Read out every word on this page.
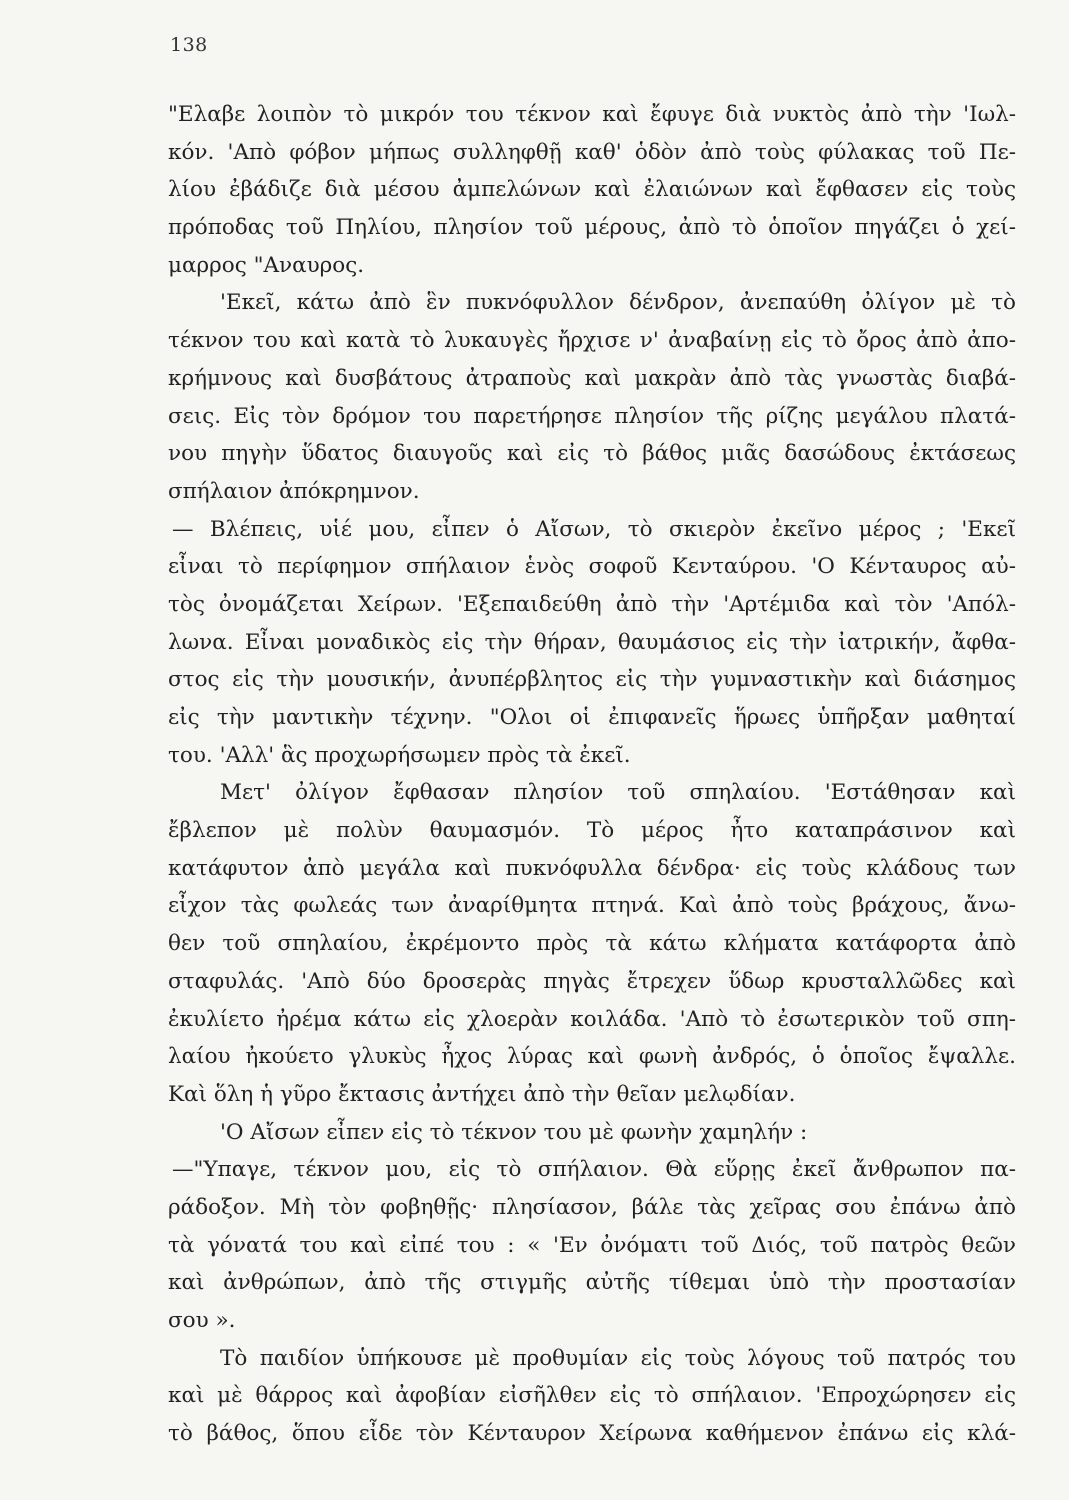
138
"Ελαβε λοιπὸν τὸ μικρόν του τέκνον καὶ ἔφυγε διὰ νυκτὸς ἀπὸ τὴν 'Ιωλ-
κόν. 'Απὸ φόβον μήπως συλληφθῇ καθ' ὁδὸν ἀπὸ τοὺς φύλακας τοῦ Πε-
λίου ἐβάδιζε διὰ μέσου ἀμπελώνων καὶ ἐλαιώνων καὶ ἔφθασεν εἰς τοὺς
πρόποδας τοῦ Πηλίου, πλησίον τοῦ μέρους, ἀπὸ τὸ ὁποῖον πηγάζει ὁ χεί-
μαρρος "Αναυρος.
'Εκεῖ, κάτω ἀπὸ ἓν πυκνόφυλλον δένδρον, ἀνεπαύθη ὀλίγον μὲ τὸ
τέκνον του καὶ κατὰ τὸ λυκαυγὲς ἤρχισε ν' ἀναβαίνῃ εἰς τὸ ὄρος ἀπὸ ἀπο-
κρήμνους καὶ δυσβάτους ἀτραποὺς καὶ μακρὰν ἀπὸ τὰς γνωστὰς διαβά-
σεις. Εἰς τὸν δρόμον του παρετήρησε πλησίον τῆς ρίζης μεγάλου πλατά-
νου πηγὴν ὕδατος διαυγοῦς καὶ εἰς τὸ βάθος μιᾶς δασώδους ἐκτάσεως
σπήλαιον ἀπόκρημνον.
— Βλέπεις, υἱέ μου, εἶπεν ὁ Αἴσων, τὸ σκιερὸν ἐκεῖνο μέρος ; 'Εκεῖ
εἶναι τὸ περίφημον σπήλαιον ἑνὸς σοφοῦ Κενταύρου. 'Ο Κένταυρος αὐ-
τὸς ὀνομάζεται Χείρων. 'Εξεπαιδεύθη ἀπὸ τὴν 'Αρτέμιδα καὶ τὸν 'Απόλ-
λωνα. Εἶναι μοναδικὸς εἰς τὴν θήραν, θαυμάσιος εἰς τὴν ἰατρικήν, ἄφθα-
στος εἰς τὴν μουσικήν, ἀνυπέρβλητος εἰς τὴν γυμναστικὴν καὶ διάσημος
εἰς τὴν μαντικὴν τέχνην. "Ολοι οἱ ἐπιφανεῖς ἥρωες ὑπῆρξαν μαθηταί
του. 'Αλλ' ἃς προχωρήσωμεν πρὸς τὰ ἐκεῖ.
Μετ' ὀλίγον ἔφθασαν πλησίον τοῦ σπηλαίου. 'Εστάθησαν καὶ
ἔβλεπον μὲ πολὺν θαυμασμόν. Τὸ μέρος ἦτο καταπράσινον καὶ
κατάφυτον ἀπὸ μεγάλα καὶ πυκνόφυλλα δένδρα· εἰς τοὺς κλάδους των
εἶχον τὰς φωλεάς των ἀναρίθμητα πτηνά. Καὶ ἀπὸ τοὺς βράχους, ἄνω-
θεν τοῦ σπηλαίου, ἐκρέμοντο πρὸς τὰ κάτω κλήματα κατάφορτα ἀπὸ
σταφυλάς. 'Απὸ δύο δροσερὰς πηγὰς ἔτρεχεν ὕδωρ κρυσταλλῶδες καὶ
ἐκυλίετο ἠρέμα κάτω εἰς χλοερὰν κοιλάδα. 'Απὸ τὸ ἐσωτερικὸν τοῦ σπη-
λαίου ἠκούετο γλυκὺς ἦχος λύρας καὶ φωνὴ ἀνδρός, ὁ ὁποῖος ἔψαλλε.
Καὶ ὅλη ἡ γῦρο ἔκτασις ἀντήχει ἀπὸ τὴν θεῖαν μελῳδίαν.
'Ο Αἴσων εἶπεν εἰς τὸ τέκνον του μὲ φωνὴν χαμηλήν :
—"Υπαγε, τέκνον μου, εἰς τὸ σπήλαιον. Θὰ εὕρῃς ἐκεῖ ἄνθρωπον πα-
ράδοξον. Μὴ τὸν φοβηθῇς· πλησίασον, βάλε τὰς χεῖρας σου ἐπάνω ἀπὸ
τὰ γόνατά του καὶ εἰπέ του : « 'Εν ὀνόματι τοῦ Διός, τοῦ πατρὸς θεῶν
καὶ ἀνθρώπων, ἀπὸ τῆς στιγμῆς αὐτῆς τίθεμαι ὑπὸ τὴν προστασίαν
σου ».
Τὸ παιδίον ὑπήκουσε μὲ προθυμίαν εἰς τοὺς λόγους τοῦ πατρός του
καὶ μὲ θάρρος καὶ ἀφοβίαν εἰσῆλθεν εἰς τὸ σπήλαιον. 'Επροχώρησεν εἰς
τὸ βάθος, ὅπου εἶδε τὸν Κένταυρον Χείρωνα καθήμενον ἐπάνω εἰς κλά-
